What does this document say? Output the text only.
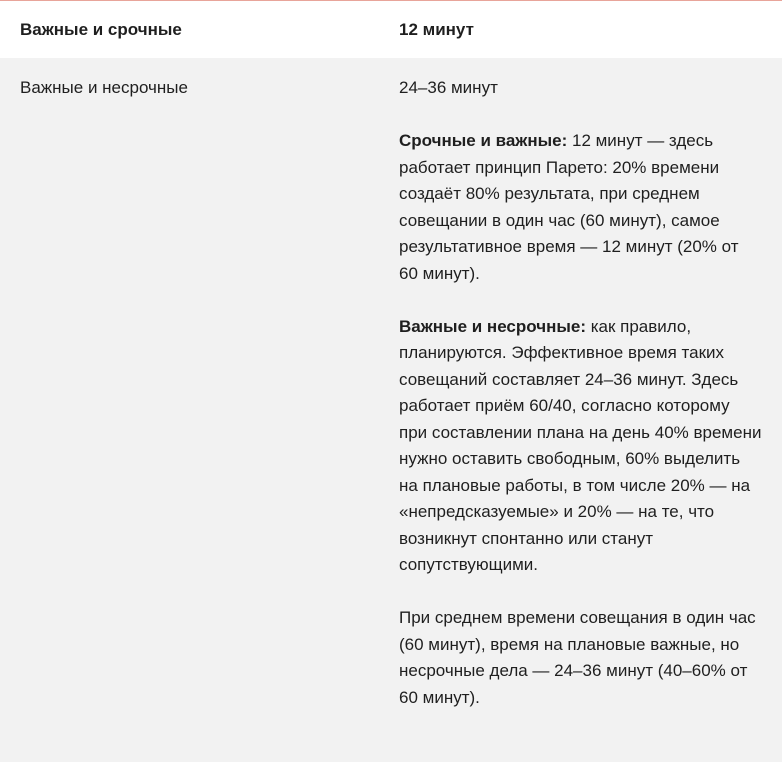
Важные и срочные	12 минут
Важные и несрочные	24–36 минут

Срочные и важные: 12 минут — здесь работает принцип Парето: 20% времени создаёт 80% результата, при среднем совещании в один час (60 минут), самое результативное время — 12 минут (20% от 60 минут).

Важные и несрочные: как правило, планируются. Эффективное время таких совещаний составляет 24–36 минут. Здесь работает приём 60/40, согласно которому при составлении плана на день 40% времени нужно оставить свободным, 60% выделить на плановые работы, в том числе 20% — на «непредсказуемые» и 20% — на те, что возникнут спонтанно или станут сопутствующими.

При среднем времени совещания в один час (60 минут), время на плановые важные, но несрочные дела — 24–36 минут (40–60% от 60 минут).
